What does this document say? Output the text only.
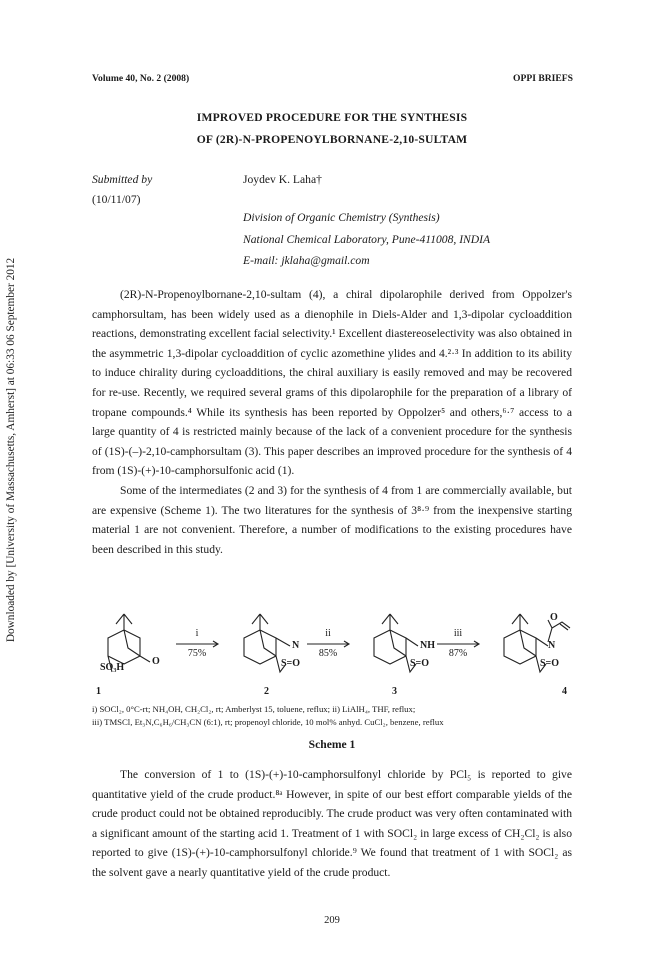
Downloaded by [University of Massachusetts, Amherst] at 06:33 06 September 2012
Volume 40, No. 2 (2008)	OPPI BRIEFS
IMPROVED PROCEDURE FOR THE SYNTHESIS
OF (2R)-N-PROPENOYLBORNANE-2,10-SULTAM
Submitted by
(10/11/07)
Joydev K. Laha†
Division of Organic Chemistry (Synthesis)
National Chemical Laboratory, Pune-411008, INDIA
E-mail: jklaha@gmail.com

(2R)-N-Propenoylbornane-2,10-sultam (4), a chiral dipolarophile derived from Oppolzer's camphorsultam, has been widely used as a dienophile in Diels-Alder and 1,3-dipolar cycloaddition reactions, demonstrating excellent facial selectivity.¹ Excellent diastereoselectivity was also obtained in the asymmetric 1,3-dipolar cycloaddition of cyclic azomethine ylides and 4.²·³ In addition to its ability to induce chirality during cycloadditions, the chiral auxiliary is easily removed and may be recovered for re-use. Recently, we required several grams of this dipolarophile for the preparation of a library of tropane compounds.⁴ While its synthesis has been reported by Oppolzer⁵ and others,⁶·⁷ access to a large quantity of 4 is restricted mainly because of the lack of a convenient procedure for the synthesis of (1S)-(–)-2,10-camphorsultam (3). This paper describes an improved procedure for the synthesis of 4 from (1S)-(+)-10-camphorsulfonic acid (1).

Some of the intermediates (2 and 3) for the synthesis of 4 from 1 are commercially available, but are expensive (Scheme 1). The two literatures for the synthesis of 3⁸·⁹ from the inexpensive starting material 1 are not convenient. Therefore, a number of modifications to the existing procedures have been described in this study.

SO₃H
O
N
S=O
NH
S=O
O
N
S=O
i
75%
ii
85%
iii
87%
1	2	3	4
i) SOCl₂, 0°C-rt; NH₄OH, CH₂Cl₂, rt; Amberlyst 15, toluene, reflux; ii) LiAlH₄, THF, reflux;
iii) TMSCl, Et₃N,C₆H₆/CH₃CN (6:1), rt; propenoyl chloride, 10 mol% anhyd. CuCl₂, benzene, reflux
Scheme 1

The conversion of 1 to (1S)-(+)-10-camphorsulfonyl chloride by PCl₅ is reported to give quantitative yield of the crude product.⁸ᵃ However, in spite of our best effort comparable yields of the crude product could not be obtained reproducibly. The crude product was very often contaminated with a significant amount of the starting acid 1. Treatment of 1 with SOCl₂ in large excess of CH₂Cl₂ is also reported to give (1S)-(+)-10-camphorsulfonyl chloride.⁹ We found that treatment of 1 with SOCl₂ as the solvent gave a nearly quantitative yield of the crude product.

209
